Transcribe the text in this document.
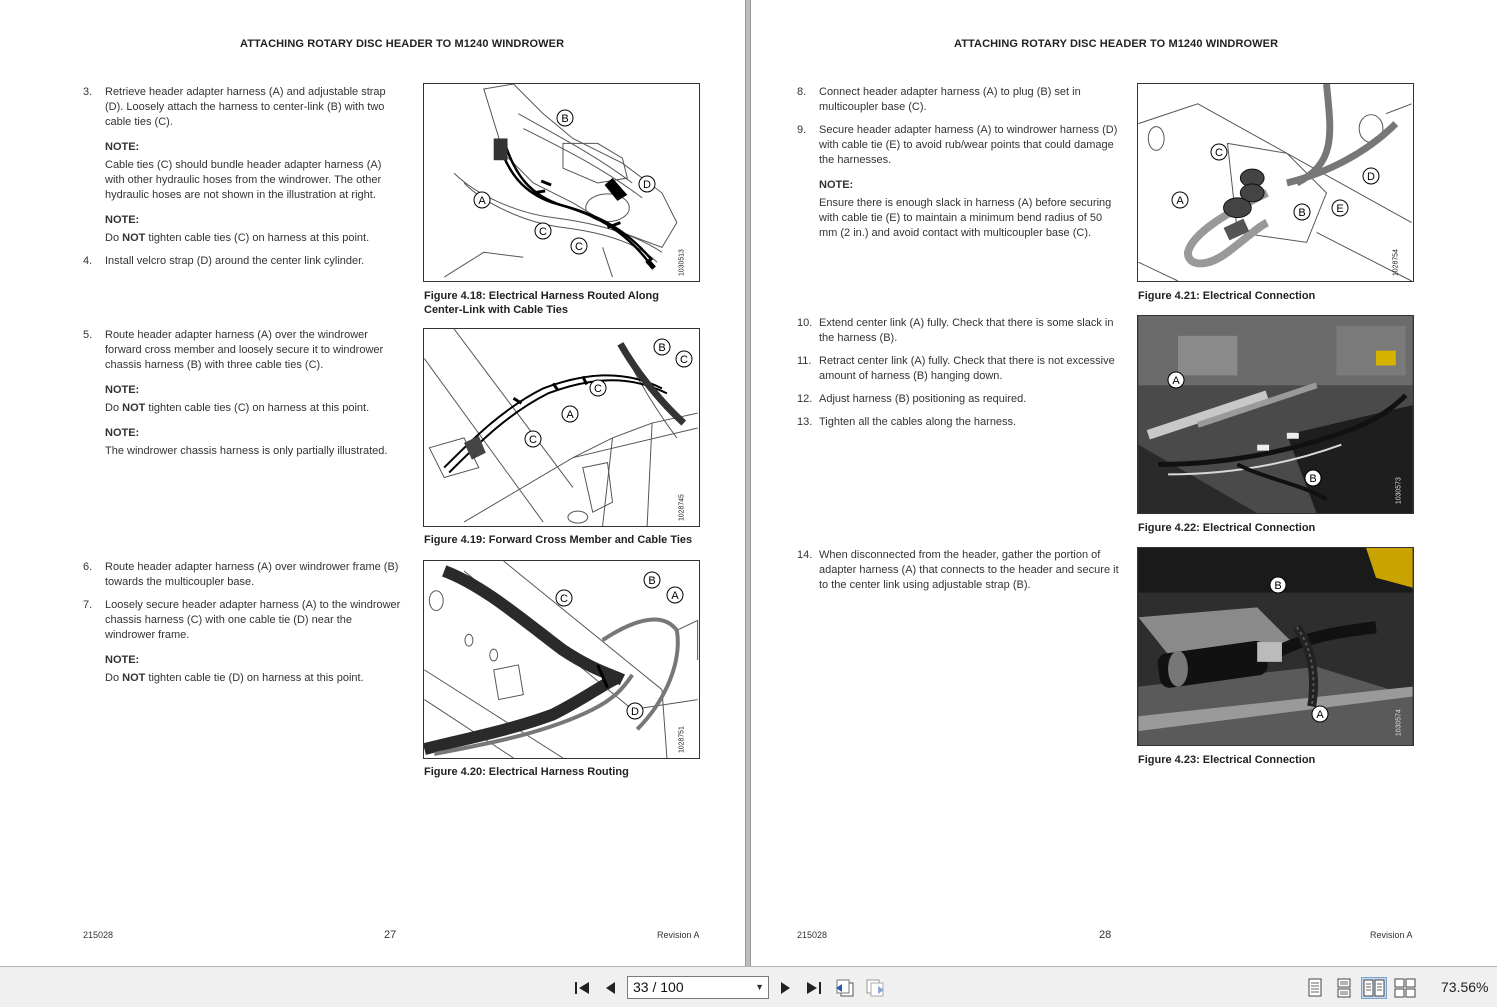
ATTACHING ROTARY DISC HEADER TO M1240 WINDROWER
3. Retrieve header adapter harness (A) and adjustable strap (D). Loosely attach the harness to center-link (B) with two cable ties (C).
NOTE:
Cable ties (C) should bundle header adapter harness (A) with other hydraulic hoses from the windrower. The other hydraulic hoses are not shown in the illustration at right.
NOTE:
Do NOT tighten cable ties (C) on harness at this point.
4. Install velcro strap (D) around the center link cylinder.
5. Route header adapter harness (A) over the windrower forward cross member and loosely secure it to windrower chassis harness (B) with three cable ties (C).
NOTE:
Do NOT tighten cable ties (C) on harness at this point.
NOTE:
The windrower chassis harness is only partially illustrated.
6. Route header adapter harness (A) over windrower frame (B) towards the multicoupler base.
7. Loosely secure header adapter harness (A) to the windrower chassis harness (C) with one cable tie (D) near the windrower frame.
NOTE:
Do NOT tighten cable tie (D) on harness at this point.
1030513
B
D
A
C
C
Figure 4.18: Electrical Harness Routed Along Center-Link with Cable Ties
1028745
B
C
C
A
C
Figure 4.19: Forward Cross Member and Cable Ties
1028751
B
A
C
D
Figure 4.20: Electrical Harness Routing
215028	27	Revision A
ATTACHING ROTARY DISC HEADER TO M1240 WINDROWER
8. Connect header adapter harness (A) to plug (B) set in multicoupler base (C).
9. Secure header adapter harness (A) to windrower harness (D) with cable tie (E) to avoid rub/wear points that could damage the harnesses.
NOTE:
Ensure there is enough slack in harness (A) before securing with cable tie (E) to maintain a minimum bend radius of 50 mm (2 in.) and avoid contact with multicoupler base (C).
10. Extend center link (A) fully. Check that there is some slack in the harness (B).
11. Retract center link (A) fully. Check that there is not excessive amount of harness (B) hanging down.
12. Adjust harness (B) positioning as required.
13. Tighten all the cables along the harness.
14. When disconnected from the header, gather the portion of adapter harness (A) that connects to the header and secure it to the center link using adjustable strap (B).
1028754
C
D
A
B	E
Figure 4.21: Electrical Connection
1030573
A
B
Figure 4.22: Electrical Connection
1030574
B
A
Figure 4.23: Electrical Connection
215028	28	Revision A
33 / 100	▼	73.56%
